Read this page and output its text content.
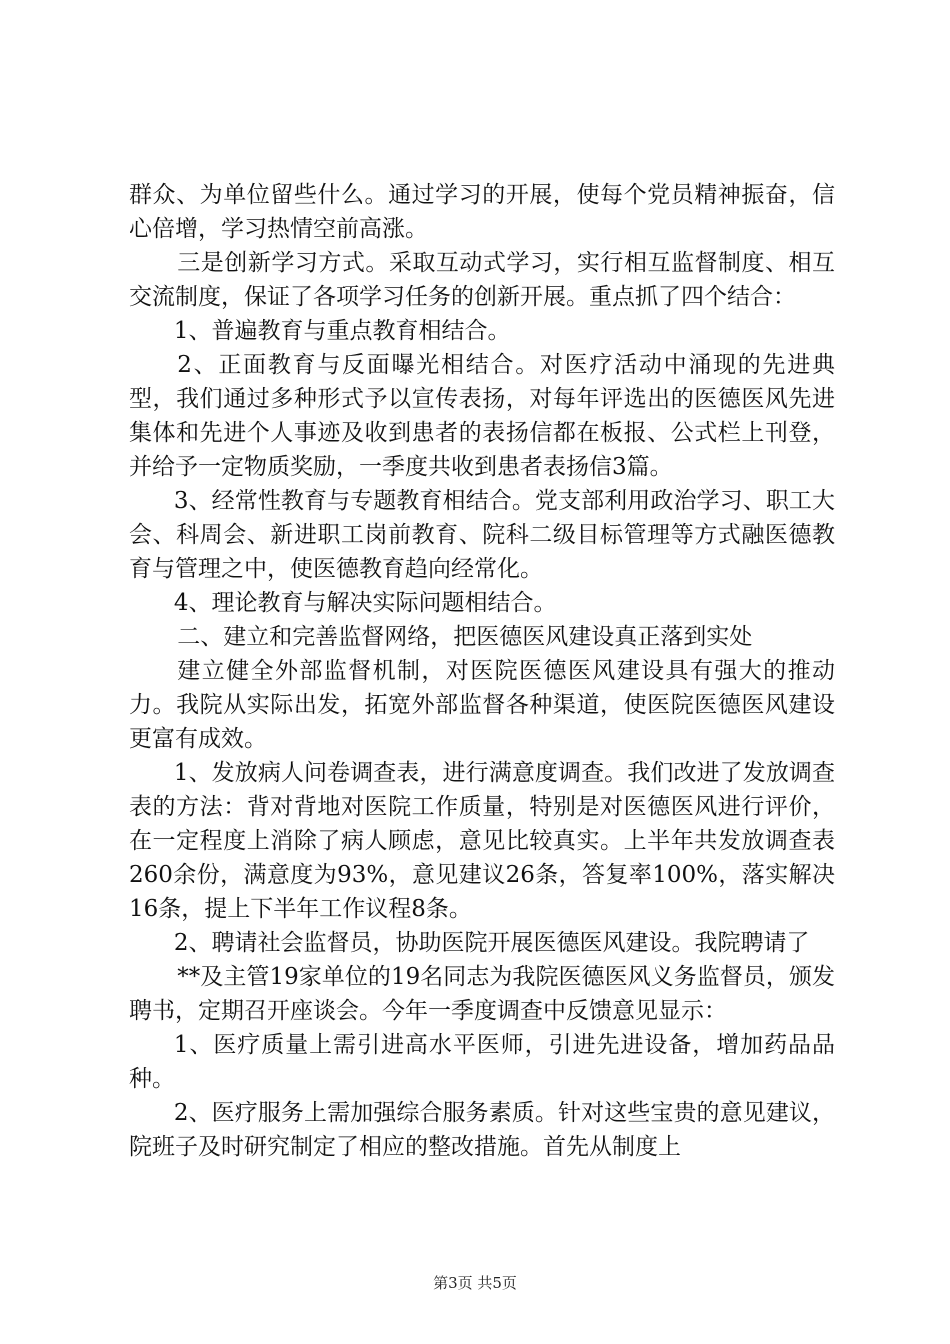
群众、为单位留些什么。通过学习的开展，使每个党员精神振奋，信心倍增，学习热情空前高涨。

三是创新学习方式。采取互动式学习，实行相互监督制度、相互交流制度，保证了各项学习任务的创新开展。重点抓了四个结合：

1、普遍教育与重点教育相结合。

2、正面教育与反面曝光相结合。对医疗活动中涌现的先进典型，我们通过多种形式予以宣传表扬，对每年评选出的医德医风先进集体和先进个人事迹及收到患者的表扬信都在板报、公式栏上刊登，并给予一定物质奖励，一季度共收到患者表扬信3篇。

3、经常性教育与专题教育相结合。党支部利用政治学习、职工大会、科周会、新进职工岗前教育、院科二级目标管理等方式融医德教育与管理之中，使医德教育趋向经常化。

4、理论教育与解决实际问题相结合。

二、建立和完善监督网络，把医德医风建设真正落到实处

建立健全外部监督机制，对医院医德医风建设具有强大的推动力。我院从实际出发，拓宽外部监督各种渠道，使医院医德医风建设更富有成效。

1、发放病人问卷调查表，进行满意度调查。我们改进了发放调查表的方法：背对背地对医院工作质量，特别是对医德医风进行评价，在一定程度上消除了病人顾虑，意见比较真实。上半年共发放调查表260余份，满意度为93%，意见建议26条，答复率100%，落实解决16条，提上下半年工作议程8条。

2、聘请社会监督员，协助医院开展医德医风建设。我院聘请了

**及主管19家单位的19名同志为我院医德医风义务监督员，颁发聘书，定期召开座谈会。今年一季度调查中反馈意见显示：

1、医疗质量上需引进高水平医师，引进先进设备，增加药品品种。

2、医疗服务上需加强综合服务素质。针对这些宝贵的意见建议，院班子及时研究制定了相应的整改措施。首先从制度上

第3页 共5页
